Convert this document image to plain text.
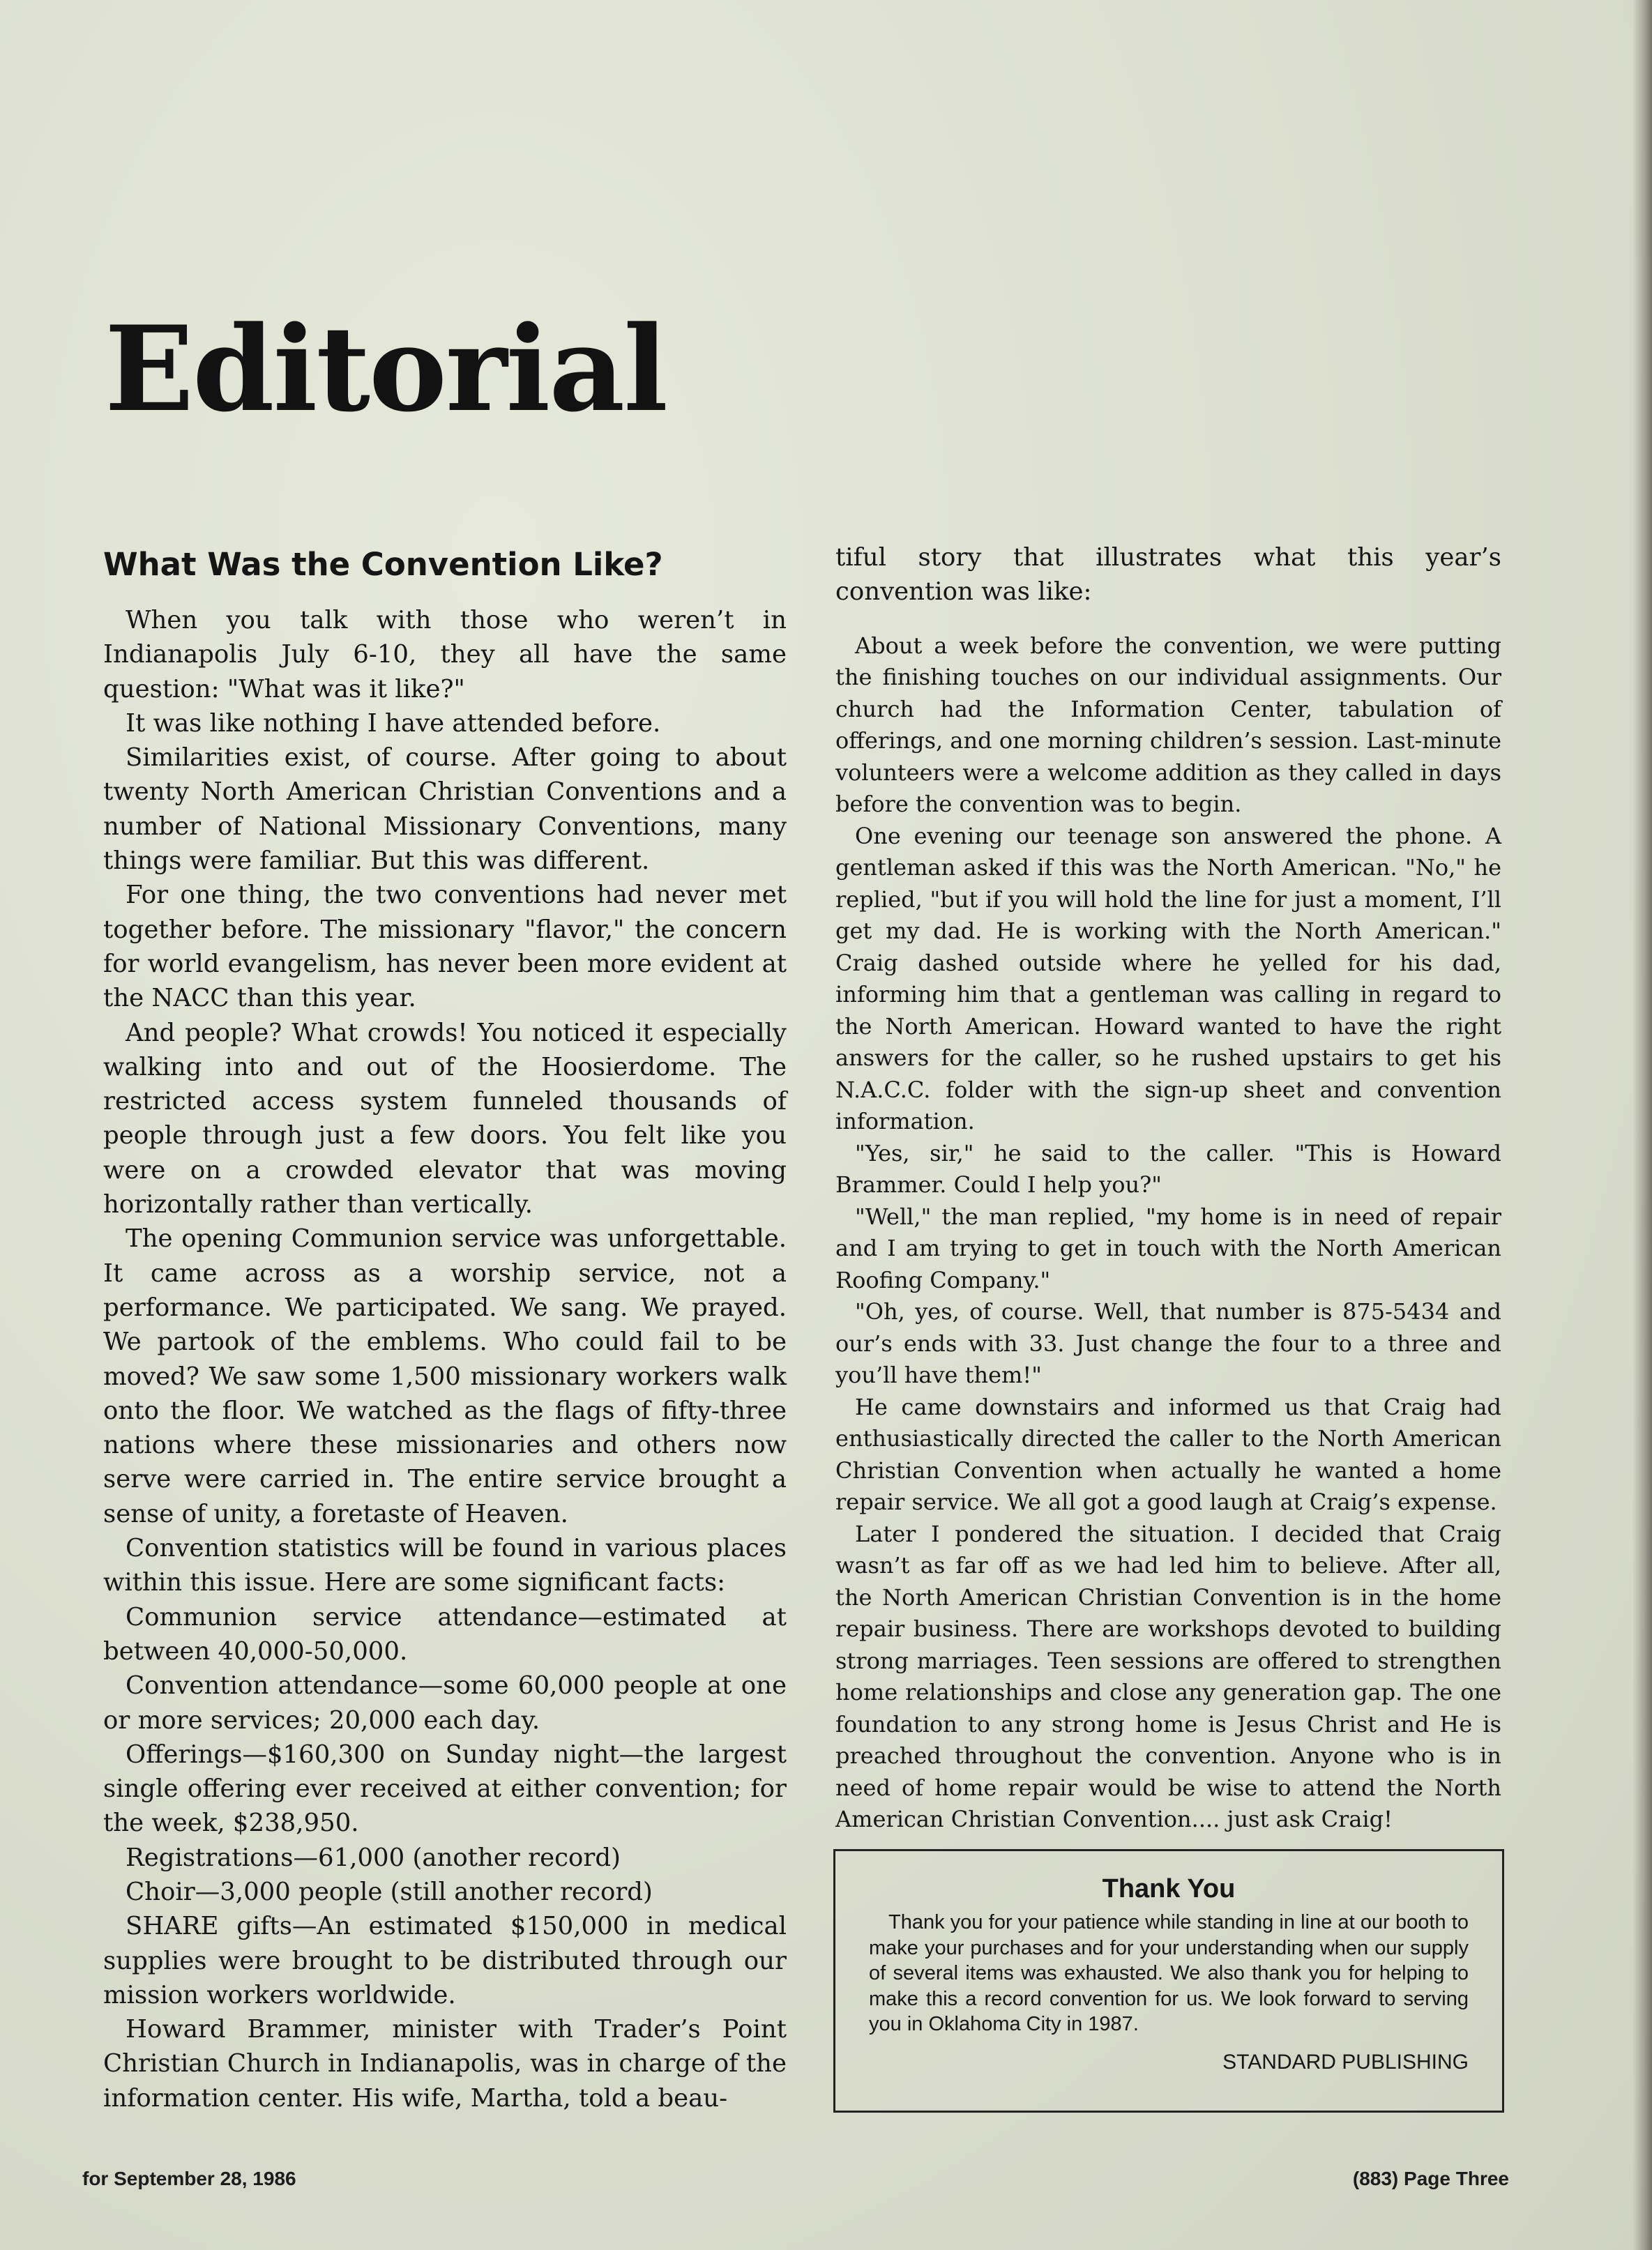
Editorial
What Was the Convention Like?

When you talk with those who weren’t in Indianapolis July 6-10, they all have the same question: "What was it like?"

It was like nothing I have attended before.

Similarities exist, of course. After going to about twenty North American Christian Conventions and a number of National Missionary Conventions, many things were familiar. But this was different.

For one thing, the two conventions had never met together before. The missionary "flavor," the concern for world evangelism, has never been more evident at the NACC than this year.

And people? What crowds! You noticed it especially walking into and out of the Hoosierdome. The restricted access system funneled thousands of people through just a few doors. You felt like you were on a crowded elevator that was moving horizontally rather than vertically.

The opening Communion service was unforgettable. It came across as a worship service, not a performance. We participated. We sang. We prayed. We partook of the emblems. Who could fail to be moved? We saw some 1,500 missionary workers walk onto the floor. We watched as the flags of fifty-three nations where these missionaries and others now serve were carried in. The entire service brought a sense of unity, a foretaste of Heaven.

Convention statistics will be found in various places within this issue. Here are some significant facts:

Communion service attendance—estimated at between 40,000-50,000.

Convention attendance—some 60,000 people at one or more services; 20,000 each day.

Offerings—$160,300 on Sunday night—the largest single offering ever received at either convention; for the week, $238,950.

Registrations—61,000 (another record)

Choir—3,000 people (still another record)

SHARE gifts—An estimated $150,000 in medical supplies were brought to be distributed through our mission workers worldwide.

Howard Brammer, minister with Trader’s Point Christian Church in Indianapolis, was in charge of the information center. His wife, Martha, told a beau-

tiful story that illustrates what this year’s convention was like:

About a week before the convention, we were putting the finishing touches on our individual assignments. Our church had the Information Center, tabulation of offerings, and one morning children’s session. Last-minute volunteers were a welcome addition as they called in days before the convention was to begin.

One evening our teenage son answered the phone. A gentleman asked if this was the North American. "No," he replied, "but if you will hold the line for just a moment, I’ll get my dad. He is working with the North American." Craig dashed outside where he yelled for his dad, informing him that a gentleman was calling in regard to the North American. Howard wanted to have the right answers for the caller, so he rushed upstairs to get his N.A.C.C. folder with the sign-up sheet and convention information.

"Yes, sir," he said to the caller. "This is Howard Brammer. Could I help you?"

"Well," the man replied, "my home is in need of repair and I am trying to get in touch with the North American Roofing Company."

"Oh, yes, of course. Well, that number is 875-5434 and our’s ends with 33. Just change the four to a three and you’ll have them!"

He came downstairs and informed us that Craig had enthusiastically directed the caller to the North American Christian Convention when actually he wanted a home repair service. We all got a good laugh at Craig’s expense.

Later I pondered the situation. I decided that Craig wasn’t as far off as we had led him to believe. After all, the North American Christian Convention is in the home repair business. There are workshops devoted to building strong marriages. Teen sessions are offered to strengthen home relationships and close any generation gap. The one foundation to any strong home is Jesus Christ and He is preached throughout the convention. Anyone who is in need of home repair would be wise to attend the North American Christian Convention.... just ask Craig!

Thank You

Thank you for your patience while standing in line at our booth to make your purchases and for your understanding when our supply of several items was exhausted. We also thank you for helping to make this a record convention for us. We look forward to serving you in Oklahoma City in 1987.

STANDARD PUBLISHING

for September 28, 1986	(883) Page Three
